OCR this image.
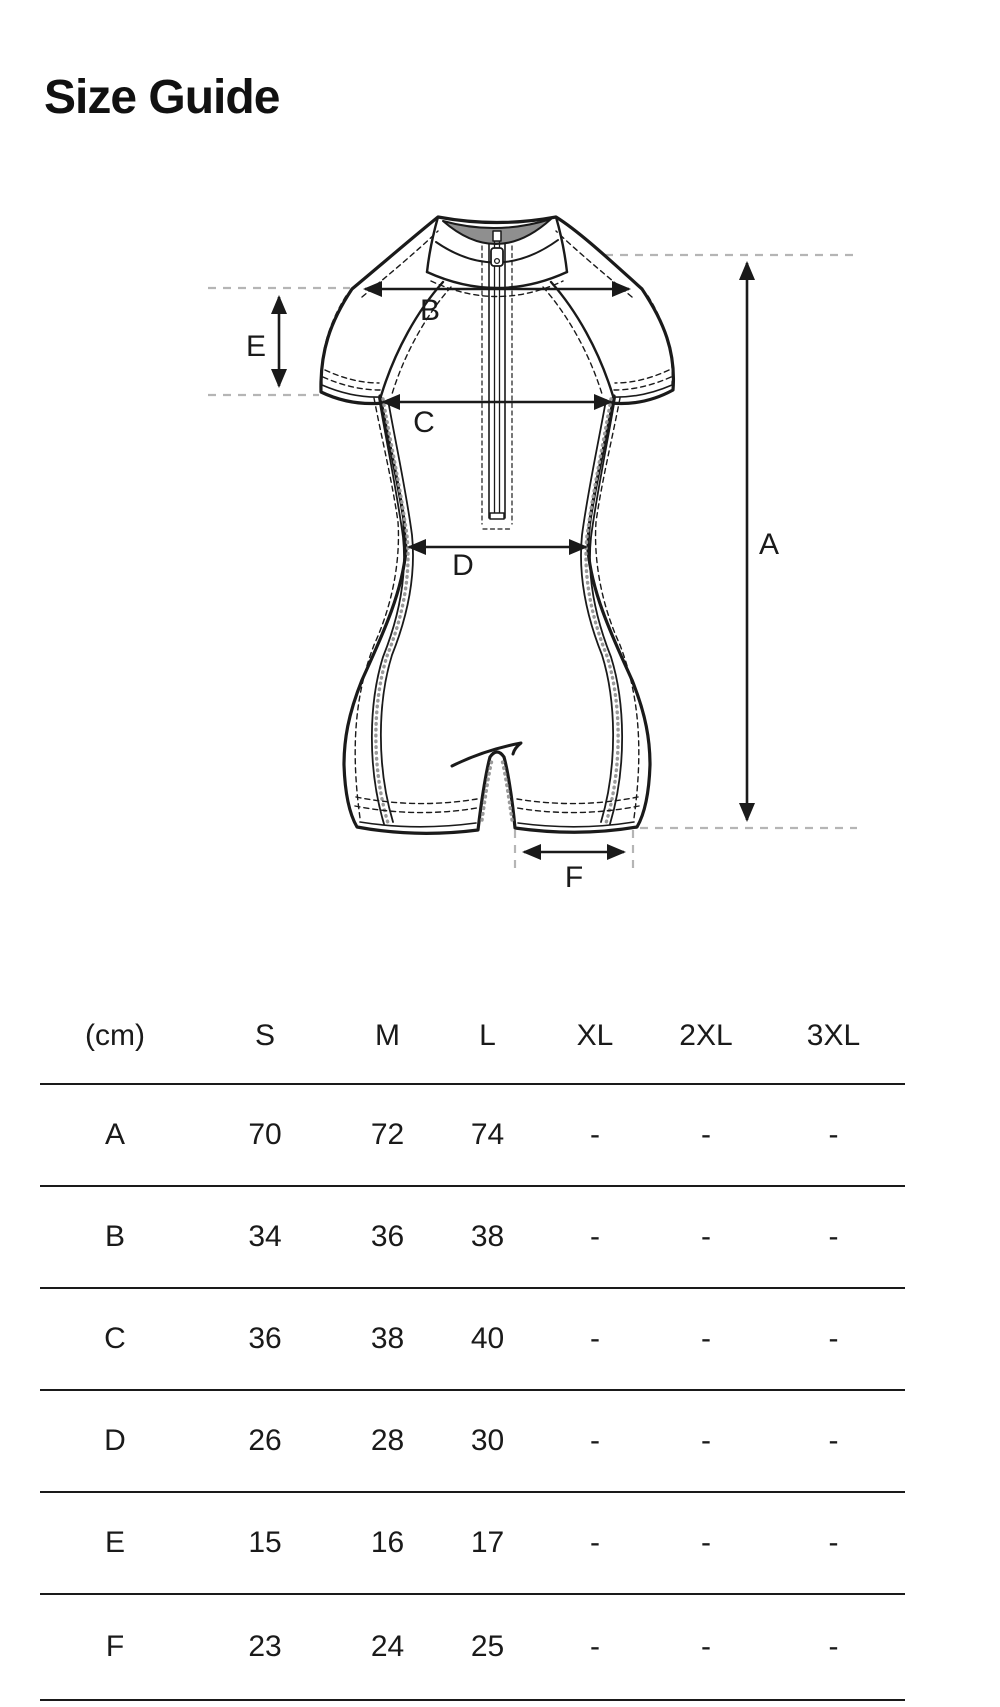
Size Guide
B
E
C
D
A
F
(cm)	S	M	L	XL	2XL	3XL
A	70	72	74	-	-	-
B	34	36	38	-	-	-
C	36	38	40	-	-	-
D	26	28	30	-	-	-
E	15	16	17	-	-	-
F	23	24	25	-	-	-
